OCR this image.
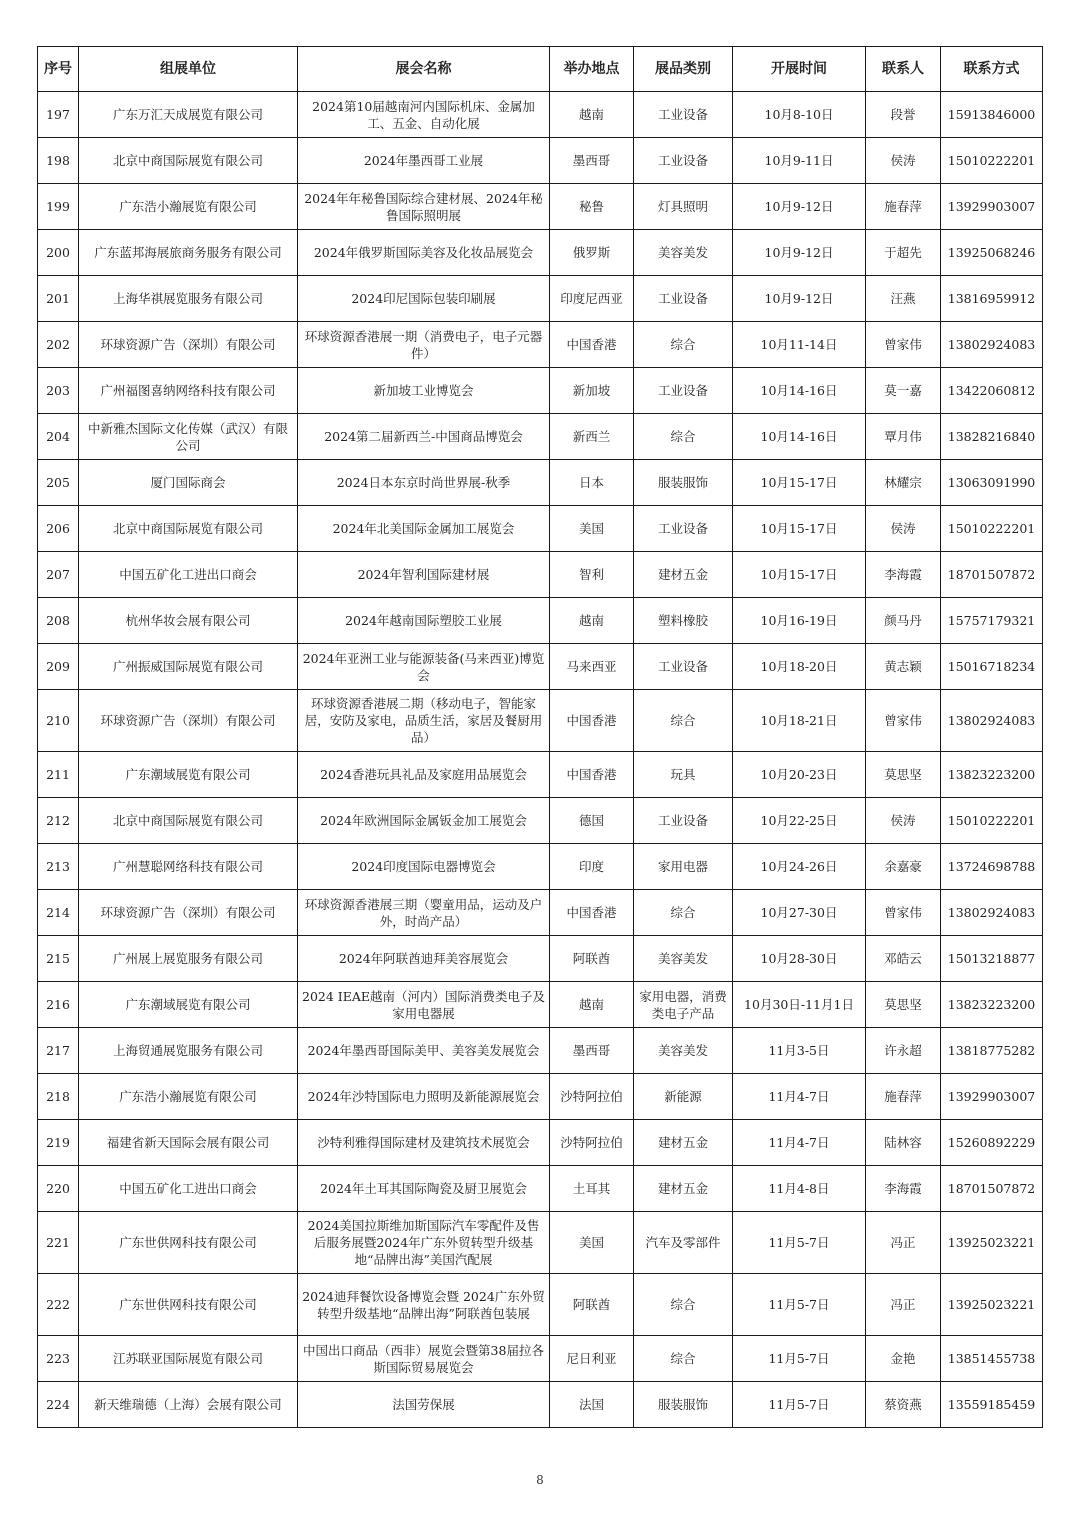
序号	组展单位	展会名称	举办地点	展品类别	开展时间	联系人	联系方式
197	广东万汇天成展览有限公司	2024第10届越南河内国际机床、金属加工、五金、自动化展	越南	工业设备	10月8-10日	段誉	15913846000
198	北京中商国际展览有限公司	2024年墨西哥工业展	墨西哥	工业设备	10月9-11日	侯涛	15010222201
199	广东浩小瀚展览有限公司	2024年年秘鲁国际综合建材展、2024年秘鲁国际照明展	秘鲁	灯具照明	10月9-12日	施春萍	13929903007
200	广东蓝邦海展旅商务服务有限公司	2024年俄罗斯国际美容及化妆品展览会	俄罗斯	美容美发	10月9-12日	于超先	13925068246
201	上海华祺展览服务有限公司	2024印尼国际包装印刷展	印度尼西亚	工业设备	10月9-12日	汪燕	13816959912
202	环球资源广告（深圳）有限公司	环球资源香港展一期（消费电子，电子元器件）	中国香港	综合	10月11-14日	曾家伟	13802924083
203	广州福图喜纳网络科技有限公司	新加坡工业博览会	新加坡	工业设备	10月14-16日	莫一嘉	13422060812
204	中新雅杰国际文化传媒（武汉）有限公司	2024第二届新西兰-中国商品博览会	新西兰	综合	10月14-16日	覃月伟	13828216840
205	厦门国际商会	2024日本东京时尚世界展-秋季	日本	服装服饰	10月15-17日	林耀宗	13063091990
206	北京中商国际展览有限公司	2024年北美国际金属加工展览会	美国	工业设备	10月15-17日	侯涛	15010222201
207	中国五矿化工进出口商会	2024年智利国际建材展	智利	建材五金	10月15-17日	李海霞	18701507872
208	杭州华妆会展有限公司	2024年越南国际塑胶工业展	越南	塑料橡胶	10月16-19日	颜马丹	15757179321
209	广州振威国际展览有限公司	2024年亚洲工业与能源装备(马来西亚)博览会	马来西亚	工业设备	10月18-20日	黄志颖	15016718234
210	环球资源广告（深圳）有限公司	环球资源香港展二期（移动电子，智能家居，安防及家电，品质生活，家居及餐厨用品）	中国香港	综合	10月18-21日	曾家伟	13802924083
211	广东潮域展览有限公司	2024香港玩具礼品及家庭用品展览会	中国香港	玩具	10月20-23日	莫思坚	13823223200
212	北京中商国际展览有限公司	2024年欧洲国际金属钣金加工展览会	德国	工业设备	10月22-25日	侯涛	15010222201
213	广州慧聪网络科技有限公司	2024印度国际电器博览会	印度	家用电器	10月24-26日	余嘉豪	13724698788
214	环球资源广告（深圳）有限公司	环球资源香港展三期（婴童用品，运动及户外，时尚产品）	中国香港	综合	10月27-30日	曾家伟	13802924083
215	广州展上展览服务有限公司	2024年阿联酋迪拜美容展览会	阿联酋	美容美发	10月28-30日	邓皓云	15013218877
216	广东潮域展览有限公司	2024 IEAE越南（河内）国际消费类电子及家用电器展	越南	家用电器，消费类电子产品	10月30日-11月1日	莫思坚	13823223200
217	上海贸通展览服务有限公司	2024年墨西哥国际美甲、美容美发展览会	墨西哥	美容美发	11月3-5日	许永超	13818775282
218	广东浩小瀚展览有限公司	2024年沙特国际电力照明及新能源展览会	沙特阿拉伯	新能源	11月4-7日	施春萍	13929903007
219	福建省新天国际会展有限公司	沙特利雅得国际建材及建筑技术展览会	沙特阿拉伯	建材五金	11月4-7日	陆林容	15260892229
220	中国五矿化工进出口商会	2024年土耳其国际陶瓷及厨卫展览会	土耳其	建材五金	11月4-8日	李海霞	18701507872
221	广东世供网科技有限公司	2024美国拉斯维加斯国际汽车零配件及售后服务展暨2024年广东外贸转型升级基地“品牌出海”美国汽配展	美国	汽车及零部件	11月5-7日	冯正	13925023221
222	广东世供网科技有限公司	2024迪拜餐饮设备博览会暨 2024广东外贸转型升级基地“品牌出海”阿联酋包装展	阿联酋	综合	11月5-7日	冯正	13925023221
223	江苏联亚国际展览有限公司	中国出口商品（西非）展览会暨第38届拉各斯国际贸易展览会	尼日利亚	综合	11月5-7日	金艳	13851455738
224	新天维瑞德（上海）会展有限公司	法国劳保展	法国	服装服饰	11月5-7日	蔡资燕	13559185459
8
